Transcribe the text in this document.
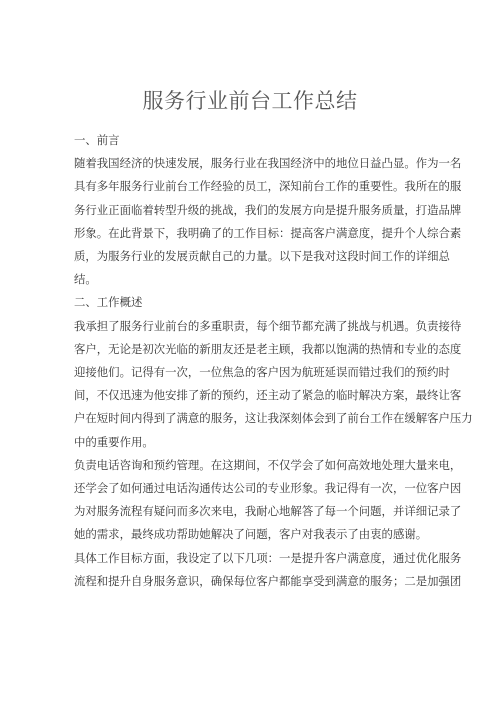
服务行业前台工作总结

一、前言

随着我国经济的快速发展，服务行业在我国经济中的地位日益凸显。作为一名

具有多年服务行业前台工作经验的员工，深知前台工作的重要性。我所在的服

务行业正面临着转型升级的挑战，我们的发展方向是提升服务质量，打造品牌

形象。在此背景下，我明确了的工作目标：提高客户满意度，提升个人综合素

质，为服务行业的发展贡献自己的力量。以下是我对这段时间工作的详细总

结。

二、工作概述

我承担了服务行业前台的多重职责，每个细节都充满了挑战与机遇。负责接待

客户，无论是初次光临的新朋友还是老主顾，我都以饱满的热情和专业的态度

迎接他们。记得有一次，一位焦急的客户因为航班延误而错过我们的预约时

间，不仅迅速为他安排了新的预约，还主动了紧急的临时解决方案，最终让客

户在短时间内得到了满意的服务，这让我深刻体会到了前台工作在缓解客户压力

中的重要作用。

负责电话咨询和预约管理。在这期间，不仅学会了如何高效地处理大量来电，

还学会了如何通过电话沟通传达公司的专业形象。我记得有一次，一位客户因

为对服务流程有疑问而多次来电，我耐心地解答了每一个问题，并详细记录了

她的需求，最终成功帮助她解决了问题，客户对我表示了由衷的感谢。

具体工作目标方面，我设定了以下几项：一是提升客户满意度，通过优化服务

流程和提升自身服务意识，确保每位客户都能享受到满意的服务；二是加强团
